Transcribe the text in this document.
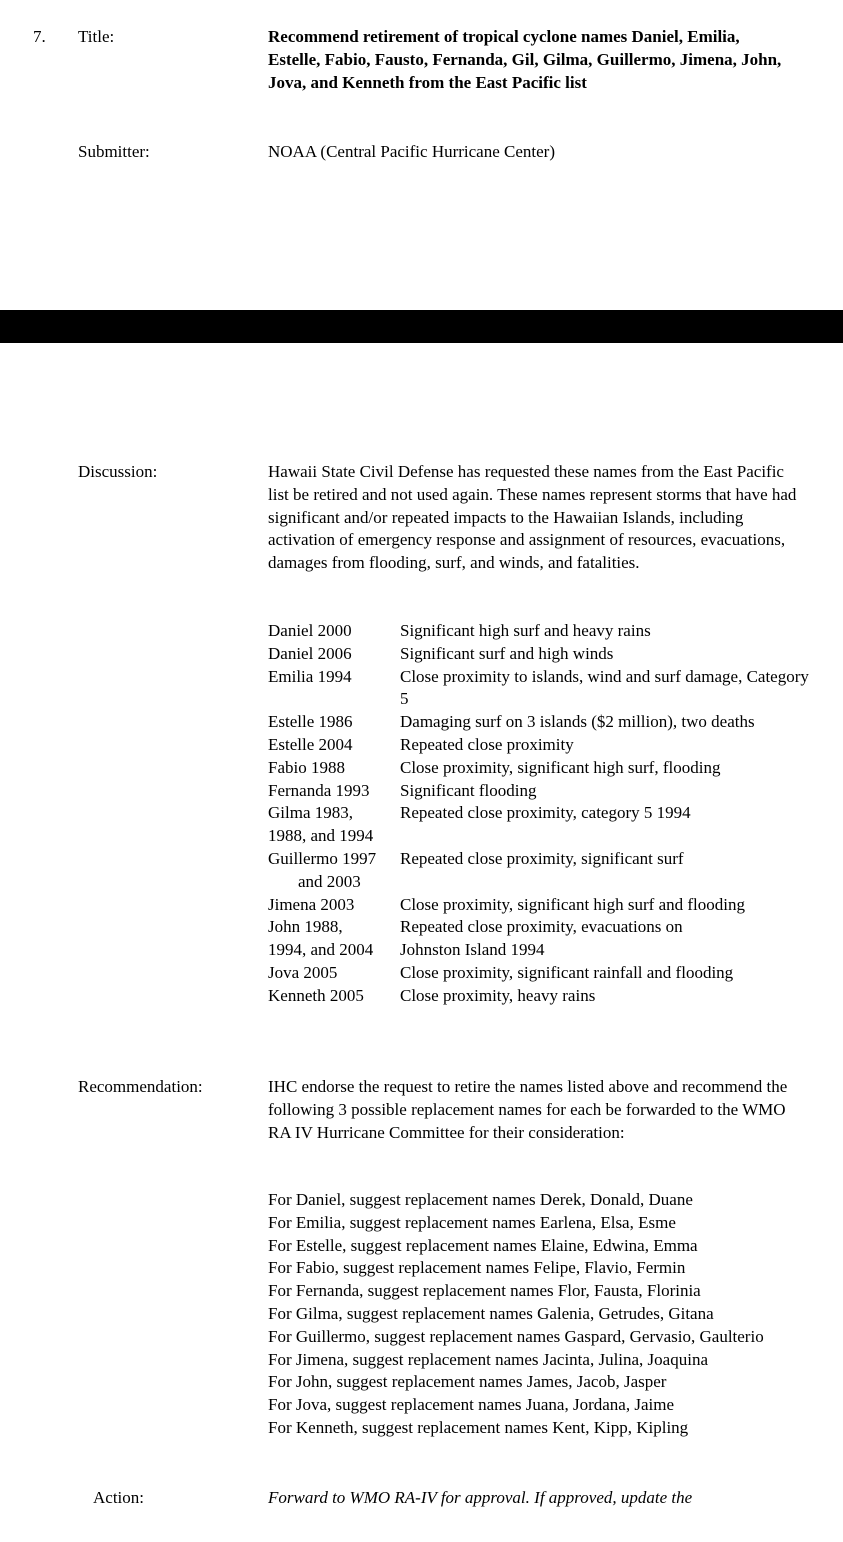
7. Title:	Recommend retirement of tropical cyclone names Daniel, Emilia, Estelle, Fabio, Fausto, Fernanda, Gil, Gilma, Guillermo, Jimena, John, Jova, and Kenneth from the East Pacific list
Submitter:	NOAA (Central Pacific Hurricane Center)
Discussion:	Hawaii State Civil Defense has requested these names from the East Pacific list be retired and not used again. These names represent storms that have had significant and/or repeated impacts to the Hawaiian Islands, including activation of emergency response and assignment of resources, evacuations, damages from flooding, surf, and winds, and fatalities.
Daniel 2000	Significant high surf and heavy rains
Daniel 2006	Significant surf and high winds
Emilia 1994	Close proximity to islands, wind and surf damage, Category 5
Estelle 1986	Damaging surf on 3 islands ($2 million), two deaths
Estelle 2004	Repeated close proximity
Fabio 1988	Close proximity, significant high surf, flooding
Fernanda 1993	Significant flooding
Gilma 1983,	Repeated close proximity, category 5 1994
1988, and 1994
Guillermo 1997	Repeated close proximity, significant surf
and 2003
Jimena 2003	Close proximity, significant high surf and flooding
John 1988,	Repeated close proximity, evacuations on
1994, and 2004	Johnston Island 1994
Jova 2005	Close proximity, significant rainfall and flooding
Kenneth 2005	Close proximity, heavy rains
Recommendation:	IHC endorse the request to retire the names listed above and recommend the following 3 possible replacement names for each be forwarded to the WMO RA IV Hurricane Committee for their consideration:
For Daniel, suggest replacement names Derek, Donald, Duane
For Emilia, suggest replacement names Earlena, Elsa, Esme
For Estelle, suggest replacement names Elaine, Edwina, Emma
For Fabio, suggest replacement names Felipe, Flavio, Fermin
For Fernanda, suggest replacement names Flor, Fausta, Florinia
For Gilma, suggest replacement names Galenia, Getrudes, Gitana
For Guillermo, suggest replacement names Gaspard, Gervasio, Gaulterio
For Jimena, suggest replacement names Jacinta, Julina, Joaquina
For John, suggest replacement names James, Jacob, Jasper
For Jova, suggest replacement names Juana, Jordana, Jaime
For Kenneth, suggest replacement names Kent, Kipp, Kipling
Action:	Forward to WMO RA-IV for approval. If approved, update the
